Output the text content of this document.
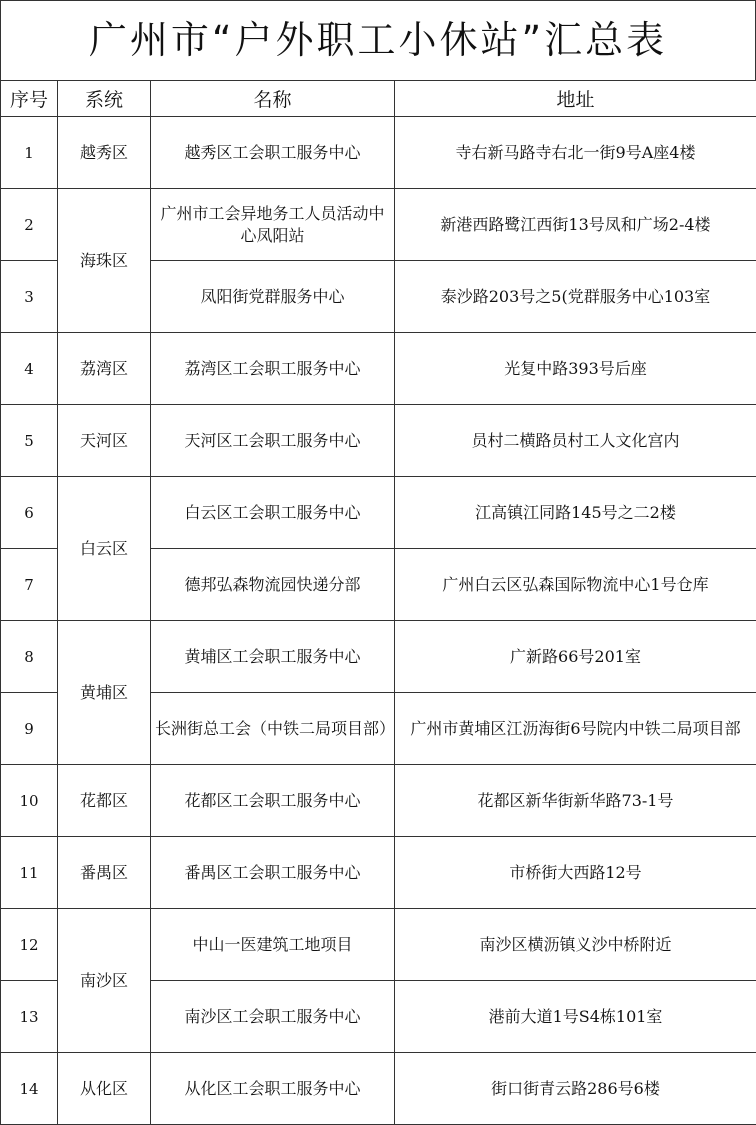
广州市“户外职工小休站”汇总表
序号	系统	名称	地址
1	越秀区	越秀区工会职工服务中心	寺右新马路寺右北一街9号A座4楼
2	海珠区	广州市工会异地务工人员活动中心凤阳站	新港西路鹭江西街13号凤和广场2-4楼
3		凤阳街党群服务中心	泰沙路203号之5(党群服务中心103室
4	荔湾区	荔湾区工会职工服务中心	光复中路393号后座
5	天河区	天河区工会职工服务中心	员村二横路员村工人文化宫内
6	白云区	白云区工会职工服务中心	江高镇江同路145号之二2楼
7		德邦弘森物流园快递分部	广州白云区弘森国际物流中心1号仓库
8	黄埔区	黄埔区工会职工服务中心	广新路66号201室
9		长洲街总工会（中铁二局项目部）	广州市黄埔区江沥海街6号院内中铁二局项目部
10	花都区	花都区工会职工服务中心	花都区新华街新华路73-1号
11	番禺区	番禺区工会职工服务中心	市桥街大西路12号
12	南沙区	中山一医建筑工地项目	南沙区横沥镇义沙中桥附近
13		南沙区工会职工服务中心	港前大道1号S4栋101室
14	从化区	从化区工会职工服务中心	街口街青云路286号6楼
